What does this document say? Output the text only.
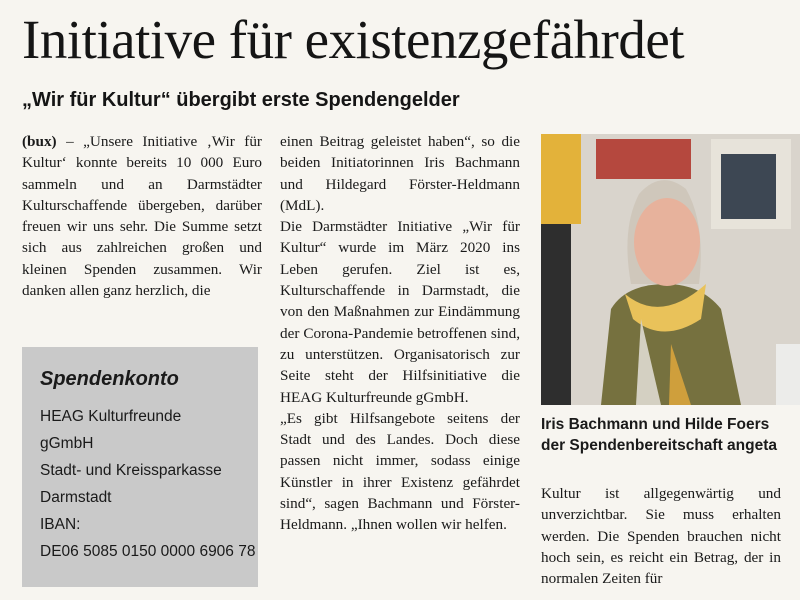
Initiative für existenzgefährdet
„Wir für Kultur“ übergibt erste Spendengelder

(bux) – „Unsere Initiative ‚Wir für Kultur‘ konnte bereits 10 000 Euro sammeln und an Darmstädter Kulturschaffende übergeben, darüber freuen wir uns sehr. Die Summe setzt sich aus zahlreichen großen und kleinen Spenden zusammen. Wir danken allen ganz herzlich, die

Spendenkonto
HEAG Kulturfreunde
gGmbH
Stadt- und Kreissparkasse
Darmstadt
IBAN:
DE06 5085 0150 0000 6906 78

einen Beitrag geleistet haben“, so die beiden Initiatorinnen Iris Bachmann und Hildegard Förster-Heldmann (MdL).

Die Darmstädter Initiative „Wir für Kultur“ wurde im März 2020 ins Leben gerufen. Ziel ist es, Kulturschaffende in Darmstadt, die von den Maßnahmen zur Eindämmung der Corona-Pandemie betroffenen sind, zu unterstützen. Organisatorisch zur Seite steht der Hilfsinitiative die HEAG Kulturfreunde gGmbH.

„Es gibt Hilfsangebote seitens der Stadt und des Landes. Doch diese passen nicht immer, sodass einige Künstler in ihrer Existenz gefährdet sind“, sagen Bachmann und Förster-Heldmann. „Ihnen wollen wir helfen.

Iris Bachmann und Hilde Foers
der Spendenbereitschaft angeta

Kultur ist allgegenwärtig und unverzichtbar. Sie muss erhalten werden. Die Spenden brauchen nicht hoch sein, es reicht ein Betrag, der in normalen Zeiten für
